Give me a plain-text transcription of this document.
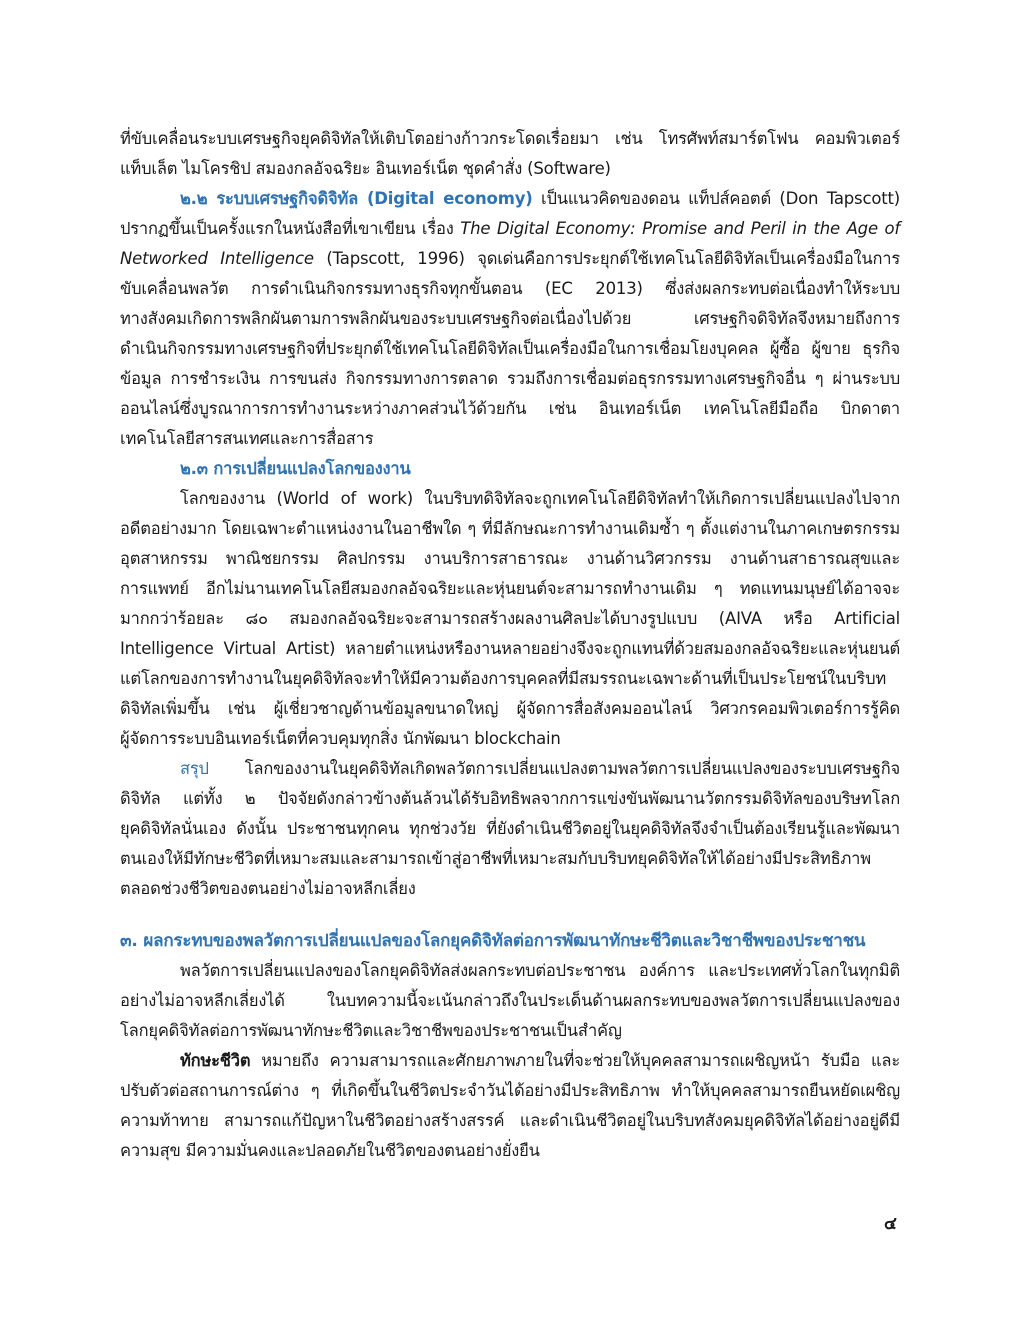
ที่ขับเคลื่อนระบบเศรษฐกิจยุคดิจิทัลให้เติบโตอย่างก้าวกระโดดเรื่อยมา เช่น โทรศัพท์สมาร์ตโฟน คอมพิวเตอร์
แท็บเล็ต ไมโครชิป สมองกลอัจฉริยะ อินเทอร์เน็ต ชุดคำสั่ง (Software)
๒.๒ ระบบเศรษฐกิจดิจิทัล (Digital economy) เป็นแนวคิดของดอน แท็ปส์คอตต์ (Don Tapscott)
ปรากฏขึ้นเป็นครั้งแรกในหนังสือที่เขาเขียน เรื่อง The Digital Economy: Promise and Peril in the Age of
Networked Intelligence (Tapscott, 1996) จุดเด่นคือการประยุกต์ใช้เทคโนโลยีดิจิทัลเป็นเครื่องมือในการ
ขับเคลื่อนพลวัต การดำเนินกิจกรรมทางธุรกิจทุกขั้นตอน (EC 2013) ซึ่งส่งผลกระทบต่อเนื่องทำให้ระบบ
ทางสังคมเกิดการพลิกผันตามการพลิกผันของระบบเศรษฐกิจต่อเนื่องไปด้วย เศรษฐกิจดิจิทัลจึงหมายถึงการ
ดำเนินกิจกรรมทางเศรษฐกิจที่ประยุกต์ใช้เทคโนโลยีดิจิทัลเป็นเครื่องมือในการเชื่อมโยงบุคคล ผู้ซื้อ ผู้ขาย ธุรกิจ
ข้อมูล การชำระเงิน การขนส่ง กิจกรรมทางการตลาด รวมถึงการเชื่อมต่อธุรกรรมทางเศรษฐกิจอื่น ๆ ผ่านระบบ
ออนไลน์ซึ่งบูรณาการการทำงานระหว่างภาคส่วนไว้ด้วยกัน เช่น อินเทอร์เน็ต เทคโนโลยีมือถือ บิกดาตา
เทคโนโลยีสารสนเทศและการสื่อสาร
๒.๓ การเปลี่ยนแปลงโลกของงาน
โลกของงาน (World of work) ในบริบทดิจิทัลจะถูกเทคโนโลยีดิจิทัลทำให้เกิดการเปลี่ยนแปลงไปจาก
อดีตอย่างมาก โดยเฉพาะตำแหน่งงานในอาชีพใด ๆ ที่มีลักษณะการทำงานเดิมซ้ำ ๆ ตั้งแต่งานในภาคเกษตรกรรม
อุตสาหกรรม พาณิชยกรรม ศิลปกรรม งานบริการสาธารณะ งานด้านวิศวกรรม งานด้านสาธารณสุขและ
การแพทย์ อีกไม่นานเทคโนโลยีสมองกลอัจฉริยะและหุ่นยนต์จะสามารถทำงานเดิม ๆ ทดแทนมนุษย์ได้อาจจะ
มากกว่าร้อยละ ๘๐ สมองกลอัจฉริยะจะสามารถสร้างผลงานศิลปะได้บางรูปแบบ (AIVA หรือ Artificial
Intelligence Virtual Artist) หลายตำแหน่งหรืองานหลายอย่างจึงจะถูกแทนที่ด้วยสมองกลอัจฉริยะและหุ่นยนต์
แต่โลกของการทำงานในยุคดิจิทัลจะทำให้มีความต้องการบุคคลที่มีสมรรถนะเฉพาะด้านที่เป็นประโยชน์ในบริบท
ดิจิทัลเพิ่มขึ้น เช่น ผู้เชี่ยวชาญด้านข้อมูลขนาดใหญ่ ผู้จัดการสื่อสังคมออนไลน์ วิศวกรคอมพิวเตอร์การรู้คิด
ผู้จัดการระบบอินเทอร์เน็ตที่ควบคุมทุกสิ่ง นักพัฒนา blockchain
สรุป โลกของงานในยุคดิจิทัลเกิดพลวัตการเปลี่ยนแปลงตามพลวัตการเปลี่ยนแปลงของระบบเศรษฐกิจ
ดิจิทัล แต่ทั้ง ๒ ปัจจัยดังกล่าวข้างต้นล้วนได้รับอิทธิพลจากการแข่งขันพัฒนานวัตกรรมดิจิทัลของบริษทโลก
ยุคดิจิทัลนั่นเอง ดังนั้น ประชาชนทุกคน ทุกช่วงวัย ที่ยังดำเนินชีวิตอยู่ในยุคดิจิทัลจึงจำเป็นต้องเรียนรู้และพัฒนา
ตนเองให้มีทักษะชีวิตที่เหมาะสมและสามารถเข้าสู่อาชีพที่เหมาะสมกับบริบทยุคดิจิทัลให้ได้อย่างมีประสิทธิภาพ
ตลอดช่วงชีวิตของตนอย่างไม่อาจหลีกเลี่ยง
๓. ผลกระทบของพลวัตการเปลี่ยนแปลของโลกยุคดิจิทัลต่อการพัฒนาทักษะชีวิตและวิชาชีพของประชาชน
พลวัตการเปลี่ยนแปลงของโลกยุคดิจิทัลส่งผลกระทบต่อประชาชน องค์การ และประเทศทั่วโลกในทุกมิติ
อย่างไม่อาจหลีกเลี่ยงได้ ในบทความนี้จะเน้นกล่าวถึงในประเด็นด้านผลกระทบของพลวัตการเปลี่ยนแปลงของ
โลกยุคดิจิทัลต่อการพัฒนาทักษะชีวิตและวิชาชีพของประชาชนเป็นสำคัญ
ทักษะชีวิต หมายถึง ความสามารถและศักยภาพภายในที่จะช่วยให้บุคคลสามารถเผชิญหน้า รับมือ และ
ปรับตัวต่อสถานการณ์ต่าง ๆ ที่เกิดขึ้นในชีวิตประจำวันได้อย่างมีประสิทธิภาพ ทำให้บุคคลสามารถยืนหยัดเผชิญ
ความท้าทาย สามารถแก้ปัญหาในชีวิตอย่างสร้างสรรค์ และดำเนินชีวิตอยู่ในบริบทสังคมยุคดิจิทัลได้อย่างอยู่ดีมี
ความสุข มีความมั่นคงและปลอดภัยในชีวิตของตนอย่างยั่งยืน
๔
